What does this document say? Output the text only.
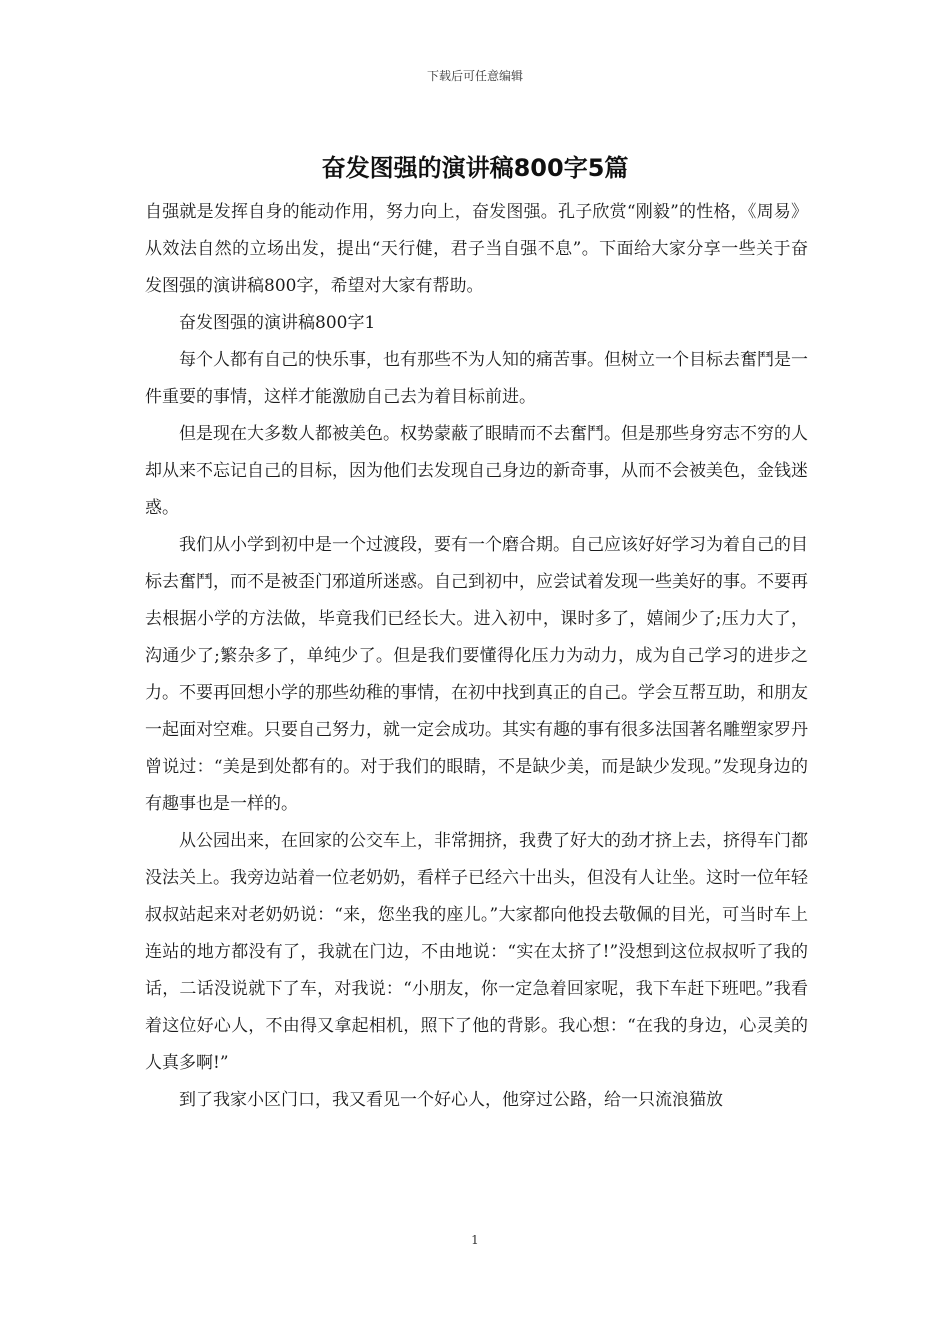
下载后可任意编辑
奋发图强的演讲稿800字5篇

自强就是发挥自身的能动作用，努力向上，奋发图强。孔子欣赏“刚毅”的性格，《周易》从效法自然的立场出发，提出“天行健，君子当自强不息”。下面给大家分享一些关于奋发图强的演讲稿800字，希望对大家有帮助。

奋发图强的演讲稿800字1

每个人都有自己的快乐事，也有那些不为人知的痛苦事。但树立一个目标去奮鬥是一件重要的事情，这样才能激励自己去为着目标前进。

但是现在大多数人都被美色。权势蒙蔽了眼睛而不去奮鬥。但是那些身穷志不穷的人却从来不忘记自己的目标，因为他们去发现自己身边的新奇事，从而不会被美色，金钱迷惑。

我们从小学到初中是一个过渡段，要有一个磨合期。自己应该好好学习为着自己的目标去奮鬥，而不是被歪门邪道所迷惑。自己到初中，应尝试着发现一些美好的事。不要再去根据小学的方法做，毕竟我们已经长大。进入初中，课时多了，嬉闹少了;压力大了，沟通少了;繁杂多了，单纯少了。但是我们要懂得化压力为动力，成为自己学习的进步之力。不要再回想小学的那些幼稚的事情，在初中找到真正的自己。学会互帮互助，和朋友一起面对空难。只要自己努力，就一定会成功。其实有趣的事有很多法国著名雕塑家罗丹曾说过：“美是到处都有的。对于我们的眼睛，不是缺少美，而是缺少发现。”发现身边的有趣事也是一样的。

从公园出来，在回家的公交车上，非常拥挤，我费了好大的劲才挤上去，挤得车门都没法关上。我旁边站着一位老奶奶，看样子已经六十出头，但没有人让坐。这时一位年轻叔叔站起来对老奶奶说：“来，您坐我的座儿。”大家都向他投去敬佩的目光，可当时车上连站的地方都没有了，我就在门边，不由地说：“实在太挤了!”没想到这位叔叔听了我的话，二话没说就下了车，对我说：“小朋友，你一定急着回家呢，我下车赶下班吧。”我看着这位好心人，不由得又拿起相机，照下了他的背影。我心想：“在我的身边，心灵美的人真多啊!”

到了我家小区门口，我又看见一个好心人，他穿过公路，给一只流浪猫放

1
